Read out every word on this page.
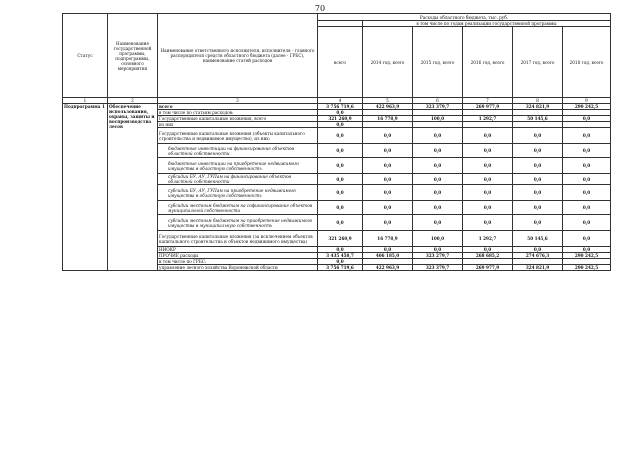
70
Статус	Наименование государственной программы, подпрограммы, основного мероприятия	Наименование ответственного исполнителя, исполнителя - главного распорядителя средств областного бюджета (далее - ГРБС), наименование статей расходов	Расходы областного бюджета, тыс. руб.					
				в том числе по годам реализации государственной программы				
			всего	2014 год, всего	2015 год, всего	2016 год, всего	2017 год, всего	2018 год, всего
1	2	3	4	5	6	7	8	9
Подпрограмма 1	Обеспечение использования, охраны, защиты и воспроизводства лесов	всего	3 756 719,6	422 963,9	323 379,7	269 977,9	324 821,9	290 242,5
		в том числе по статьям расходов:	0,0					
		Государственные капитальные вложения, всего	321 260,9	16 778,9	100,0	1 292,7	50 145,6	0,0
		из них	0,0					
		Государственные капитальные вложения (объекты капитального строительства и недвижимое имущество), из них:	0,0	0,0	0,0	0,0	0,0	0,0
		бюджетные инвестиции на финансирование объектов областной собственности	0,0	0,0	0,0	0,0	0,0	0,0
		бюджетные инвестиции на приобретение недвижимого имущества в областную собственность	0,0	0,0	0,0	0,0	0,0	0,0
		субсидии БУ, АУ, ГУПам на финансирование объектов областной собственности	0,0	0,0	0,0	0,0	0,0	0,0
		субсидии БУ, АУ, ГУПам на приобретение недвижимого имущества в областную собственность	0,0	0,0	0,0	0,0	0,0	0,0
		субсидии местным бюджетам на софинансирование объектов муниципальной собственности	0,0	0,0	0,0	0,0	0,0	0,0
		субсидии местным бюджетам на приобретение недвижимого имущества в муниципальную собственность	0,0	0,0	0,0	0,0	0,0	0,0
		Государственные капитальные вложения (за исключением объектов капитального строительства и объектов недвижимого имущества)	321 260,9	16 778,9	100,0	1 292,7	50 145,6	0,0
		НИОКР	0,0	0,0	0,0	0,0	0,0	0,0
		ПРОЧИЕ расходы	3 435 458,7	406 185,0	323 279,7	268 685,2	274 676,3	290 242,5
		в том числе по ГРБС:	0,0					
		управление лесного хозяйства Воронежской области	3 756 719,6	422 963,9	323 379,7	269 977,9	324 821,9	290 242,5
